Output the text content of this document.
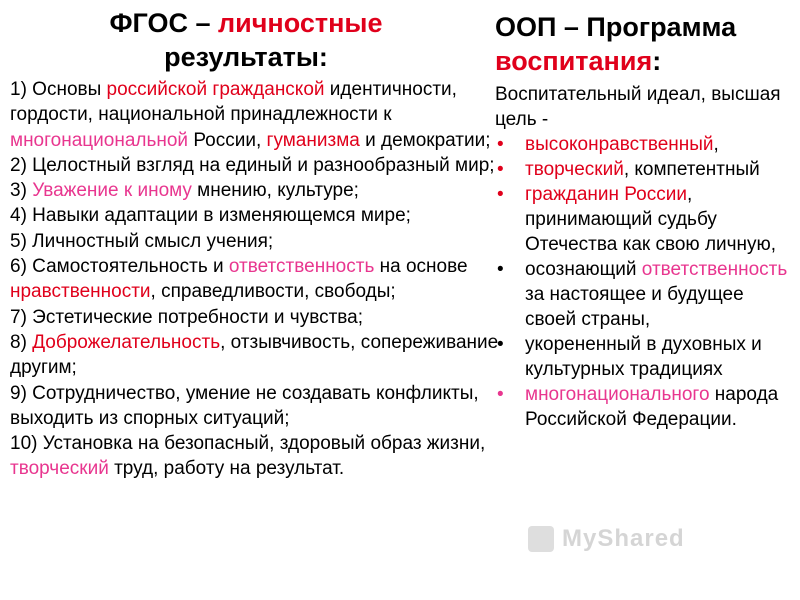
ФГОС – личностные
результаты:

1) Основы российской гражданской идентичности, гордости, национальной принадлежности к многонациональной России, гуманизма и демократии;

2) Целостный взгляд на единый и разнообразный мир;

3) Уважение к иному мнению, культуре;

4) Навыки адаптации в изменяющемся мире;

5) Личностный смысл учения;

6) Самостоятельность и ответственность на основе нравственности, справедливости, свободы;

7) Эстетические потребности и чувства;

8) Доброжелательность, отзывчивость, сопереживание другим;

9) Сотрудничество, умение не создавать конфликты, выходить из спорных ситуаций;

10) Установка на безопасный, здоровый образ жизни, творческий труд, работу на результат.

ООП – Программа
воспитания:
Воспитательный идеал, высшая цель -
• высоконравственный,
• творческий, компетентный
• гражданин России, принимающий судьбу Отечества как свою личную,
• осознающий ответственность за настоящее и будущее своей страны,
• укорененный в духовных и культурных традициях
• многонационального народа Российской Федерации.
MyShared
